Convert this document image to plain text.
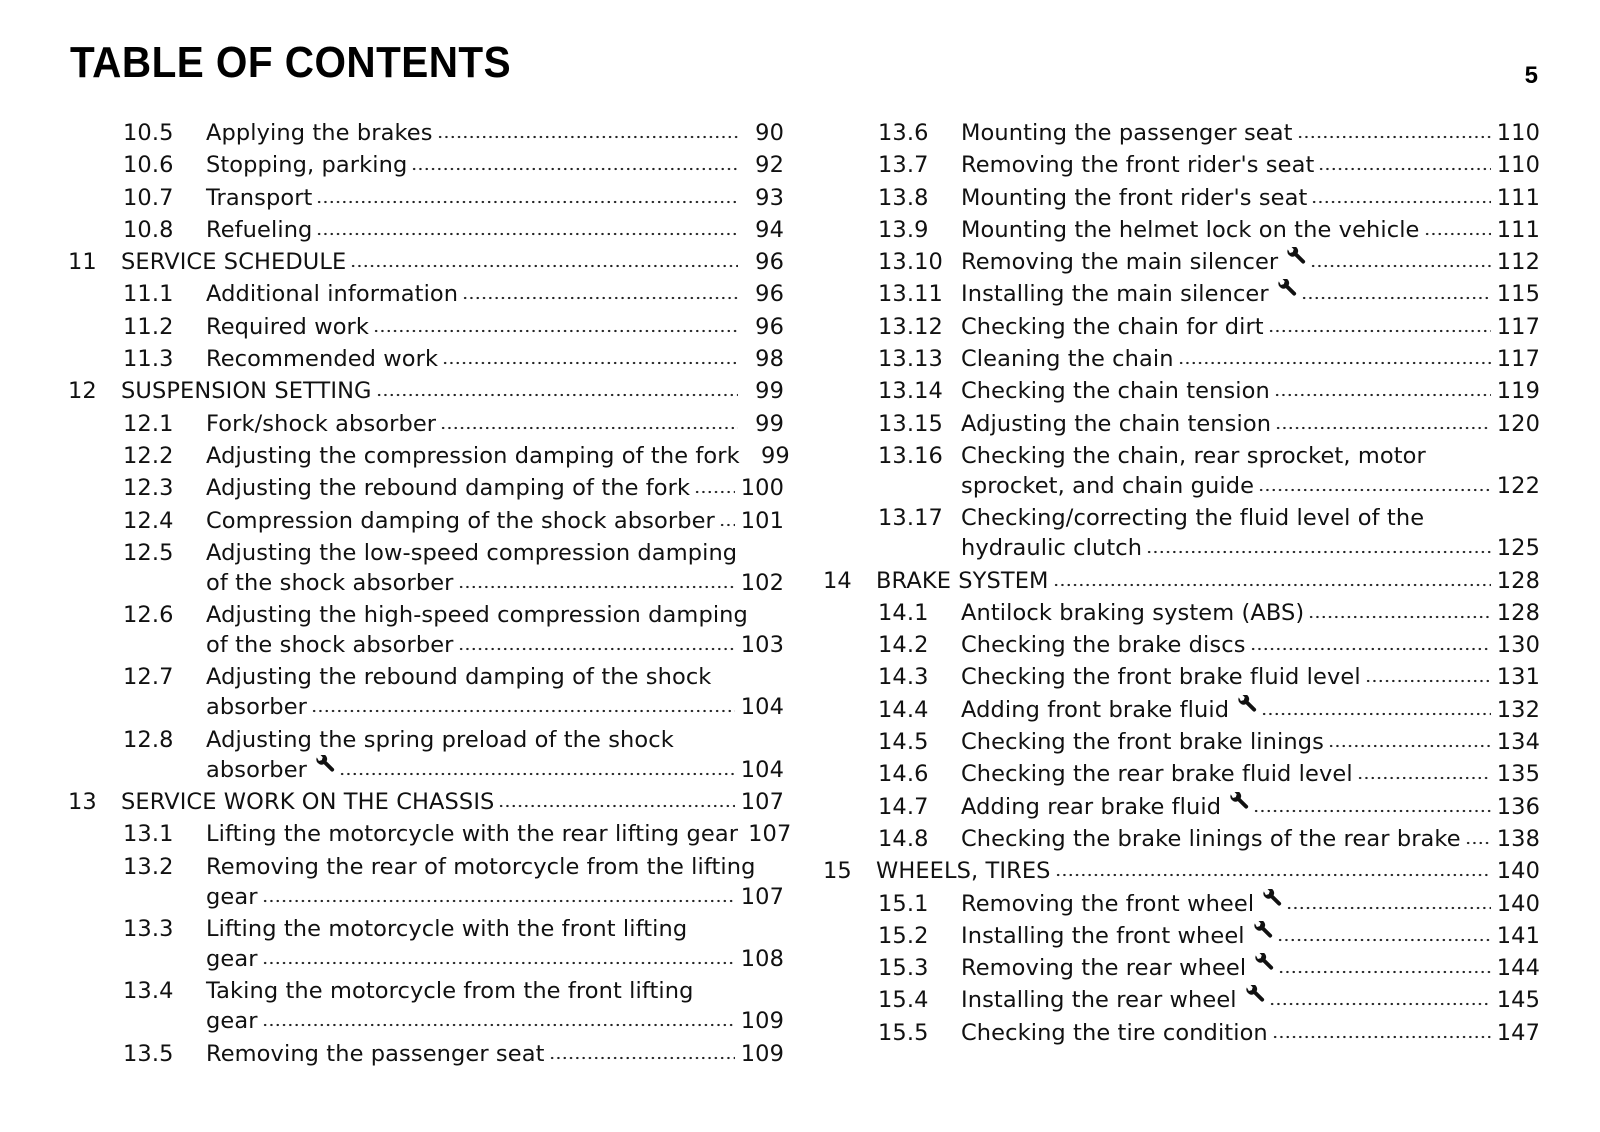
TABLE OF CONTENTS	5
10.5 Applying the brakes	90
10.6 Stopping, parking	92
10.7 Transport	93
10.8 Refueling	94
11 SERVICE SCHEDULE	96
11.1 Additional information	96
11.2 Required work	96
11.3 Recommended work	98
12 SUSPENSION SETTING	99
12.1 Fork/shock absorber	99
12.2 Adjusting the compression damping of the fork 99
12.3 Adjusting the rebound damping of the fork 100
12.4 Compression damping of the shock absorber 101
12.5 Adjusting the low-speed compression damping
of the shock absorber	102
12.6 Adjusting the high-speed compression damping
of the shock absorber	103
12.7 Adjusting the rebound damping of the shock
absorber	104
12.8 Adjusting the spring preload of the shock
absorber	104
13 SERVICE WORK ON THE CHASSIS	107
13.1 Lifting the motorcycle with the rear lifting gear 107
13.2 Removing the rear of motorcycle from the lifting
gear	107
13.3 Lifting the motorcycle with the front lifting
gear	108
13.4 Taking the motorcycle from the front lifting
gear	109
13.5 Removing the passenger seat	109
13.6 Mounting the passenger seat	110
13.7 Removing the front rider's seat	110
13.8 Mounting the front rider's seat	111
13.9 Mounting the helmet lock on the vehicle	111
13.10 Removing the main silencer	112
13.11 Installing the main silencer	115
13.12 Checking the chain for dirt	117
13.13 Cleaning the chain	117
13.14 Checking the chain tension	119
13.15 Adjusting the chain tension	120
13.16 Checking the chain, rear sprocket, motor
sprocket, and chain guide	122
13.17 Checking/correcting the fluid level of the
hydraulic clutch	125
14 BRAKE SYSTEM	128
14.1 Antilock braking system (ABS)	128
14.2 Checking the brake discs	130
14.3 Checking the front brake fluid level	131
14.4 Adding front brake fluid	132
14.5 Checking the front brake linings	134
14.6 Checking the rear brake fluid level	135
14.7 Adding rear brake fluid	136
14.8 Checking the brake linings of the rear brake 138
15 WHEELS, TIRES	140
15.1 Removing the front wheel	140
15.2 Installing the front wheel	141
15.3 Removing the rear wheel	144
15.4 Installing the rear wheel	145
15.5 Checking the tire condition	147
